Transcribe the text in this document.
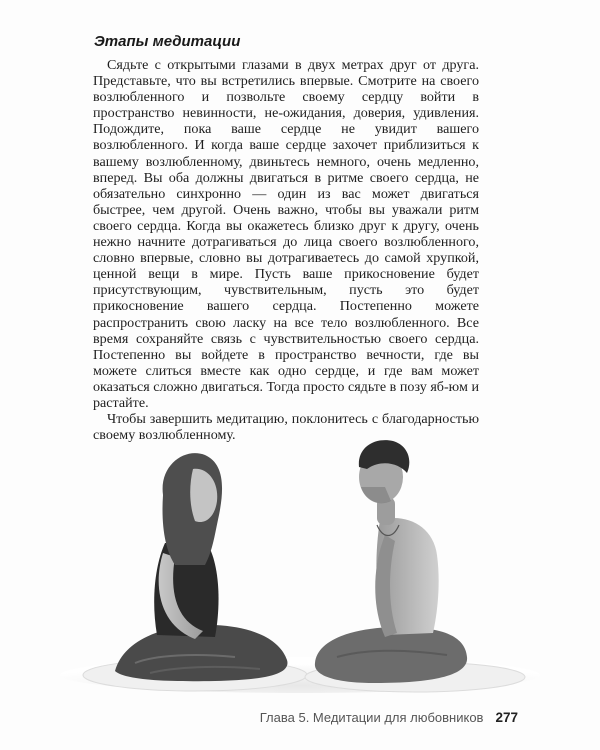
Этапы медитации

Сядьте с открытыми глазами в двух метрах друг от друга. Представьте, что вы встретились впервые. Смотрите на своего возлюбленного и позвольте своему сердцу войти в пространство невинности, не-ожидания, доверия, удивления. Подождите, пока ваше сердце не увидит вашего возлюбленного. И когда ваше сердце захочет приблизиться к вашему возлюбленному, двиньтесь немного, очень медленно, вперед. Вы оба должны двигаться в ритме своего сердца, не обязательно синхронно — один из вас может двигаться быстрее, чем другой. Очень важно, чтобы вы уважали ритм своего сердца. Когда вы окажетесь близко друг к другу, очень нежно начните дотрагиваться до лица своего возлюбленного, словно впервые, словно вы дотрагиваетесь до самой хрупкой, ценной вещи в мире. Пусть ваше прикосновение будет присутствующим, чувствительным, пусть это будет прикосновение вашего сердца. Постепенно можете распространить свою ласку на все тело возлюбленного. Все время сохраняйте связь с чувствительностью своего сердца. Постепенно вы войдете в пространство вечности, где вы можете слиться вместе как одно сердце, и где вам может оказаться сложно двигаться. Тогда просто сядьте в позу яб-юм и растайте.

Чтобы завершить медитацию, поклонитесь с благодарностью своему возлюбленному.

Глава 5. Медитации для любовников 277
